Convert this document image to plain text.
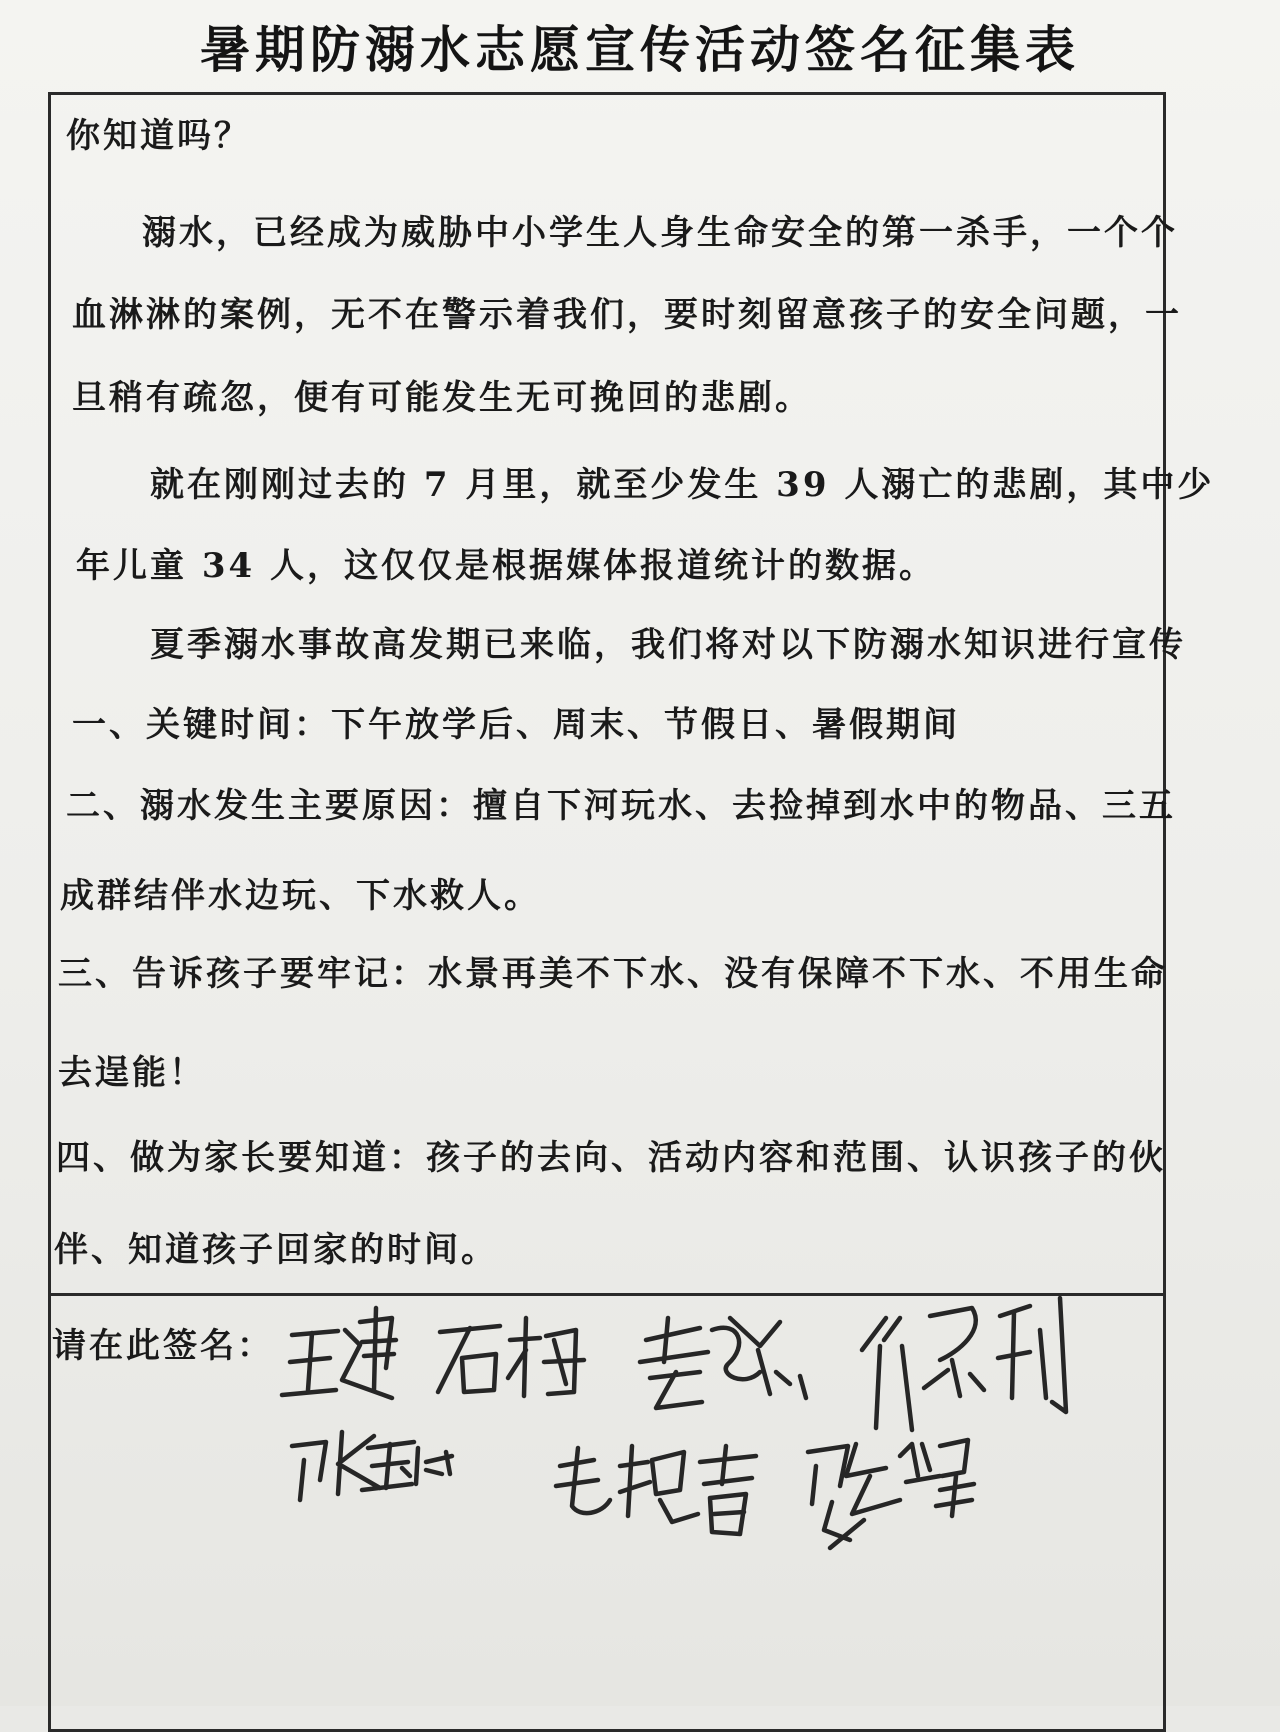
暑期防溺水志愿宣传活动签名征集表
你知道吗？
溺水，已经成为威胁中小学生人身生命安全的第一杀手，一个个
血淋淋的案例，无不在警示着我们，要时刻留意孩子的安全问题，一
旦稍有疏忽，便有可能发生无可挽回的悲剧。
就在刚刚过去的 7 月里，就至少发生 39 人溺亡的悲剧，其中少
年儿童 34 人，这仅仅是根据媒体报道统计的数据。
夏季溺水事故高发期已来临，我们将对以下防溺水知识进行宣传
一、关键时间：下午放学后、周末、节假日、暑假期间
二、溺水发生主要原因：擅自下河玩水、去捡掉到水中的物品、三五
成群结伴水边玩、下水救人。
三、告诉孩子要牢记：水景再美不下水、没有保障不下水、不用生命
去逞能！
四、做为家长要知道：孩子的去向、活动内容和范围、认识孩子的伙
伴、知道孩子回家的时间。
请在此签名：
